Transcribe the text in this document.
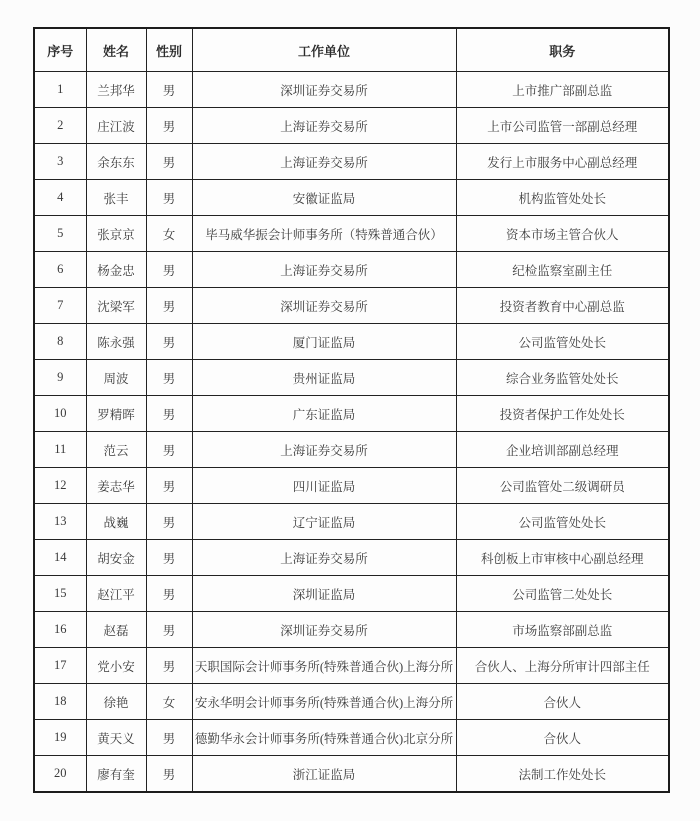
序号	姓名	性别	工作单位	职务
1	兰邦华	男	深圳证券交易所	上市推广部副总监
2	庄江波	男	上海证券交易所	上市公司监管一部副总经理
3	余东东	男	上海证券交易所	发行上市服务中心副总经理
4	张丰	男	安徽证监局	机构监管处处长
5	张京京	女	毕马威华振会计师事务所（特殊普通合伙）	资本市场主管合伙人
6	杨金忠	男	上海证券交易所	纪检监察室副主任
7	沈梁军	男	深圳证券交易所	投资者教育中心副总监
8	陈永强	男	厦门证监局	公司监管处处长
9	周波	男	贵州证监局	综合业务监管处处长
10	罗精晖	男	广东证监局	投资者保护工作处处长
11	范云	男	上海证券交易所	企业培训部副总经理
12	姜志华	男	四川证监局	公司监管处二级调研员
13	战巍	男	辽宁证监局	公司监管处处长
14	胡安金	男	上海证券交易所	科创板上市审核中心副总经理
15	赵江平	男	深圳证监局	公司监管二处处长
16	赵磊	男	深圳证券交易所	市场监察部副总监
17	党小安	男	天职国际会计师事务所(特殊普通合伙)上海分所	合伙人、上海分所审计四部主任
18	徐艳	女	安永华明会计师事务所(特殊普通合伙)上海分所	合伙人
19	黄天义	男	德勤华永会计师事务所(特殊普通合伙)北京分所	合伙人
20	廖有奎	男	浙江证监局	法制工作处处长
